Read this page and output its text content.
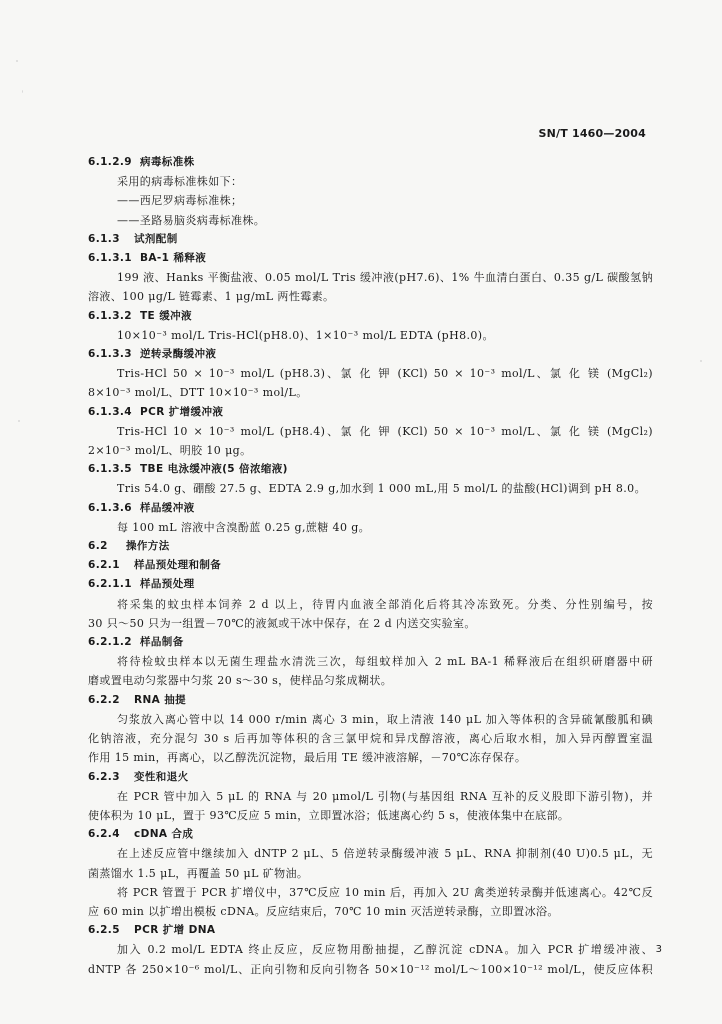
SN/T 1460—2004
6.1.2.9 病毒标准株
采用的病毒标准株如下：
——西尼罗病毒标准株；
——圣路易脑炎病毒标准株。
6.1.3 试剂配制
6.1.3.1 BA-1 稀释液
199 液、Hanks 平衡盐液、0.05 mol/L Tris 缓冲液(pH7.6)、1% 牛血清白蛋白、0.35 g/L 碳酸氢钠
溶液、100 μg/L 链霉素、1 μg/mL 两性霉素。
6.1.3.2 TE 缓冲液
10×10⁻³ mol/L Tris-HCl(pH8.0)、1×10⁻³ mol/L EDTA (pH8.0)。
6.1.3.3 逆转录酶缓冲液
Tris-HCl 50 × 10⁻³ mol/L (pH8.3)、氯 化 钾 (KCl) 50 × 10⁻³ mol/L、氯 化 镁 (MgCl₂)
8×10⁻³ mol/L、DTT 10×10⁻³ mol/L。
6.1.3.4 PCR 扩增缓冲液
Tris-HCl 10 × 10⁻³ mol/L (pH8.4)、氯 化 钾 (KCl) 50 × 10⁻³ mol/L、氯 化 镁 (MgCl₂)
2×10⁻³ mol/L、明胶 10 μg。
6.1.3.5 TBE 电泳缓冲液(5 倍浓缩液)
Tris 54.0 g、硼酸 27.5 g、EDTA 2.9 g,加水到 1 000 mL,用 5 mol/L 的盐酸(HCl)调到 pH 8.0。
6.1.3.6 样品缓冲液
每 100 mL 溶液中含溴酚蓝 0.25 g,蔗糖 40 g。
6.2 操作方法
6.2.1 样品预处理和制备
6.2.1.1 样品预处理
将采集的蚊虫样本饲养 2 d 以上，待胃内血液全部消化后将其冷冻致死。分类、分性别编号，按
30 只～50 只为一组置－70℃的液氮或干冰中保存，在 2 d 内送交实验室。
6.2.1.2 样品制备
将待检蚊虫样本以无菌生理盐水清洗三次，每组蚊样加入 2 mL BA-1 稀释液后在组织研磨器中研
磨或置电动匀浆器中匀浆 20 s～30 s，使样品匀浆成糊状。
6.2.2 RNA 抽提
匀浆放入离心管中以 14 000 r/min 离心 3 min，取上清液 140 μL 加入等体积的含异硫氰酸胍和碘
化钠溶液，充分混匀 30 s 后再加等体积的含三氯甲烷和异戊醇溶液，离心后取水相，加入异丙醇置室温
作用 15 min，再离心，以乙醇洗沉淀物，最后用 TE 缓冲液溶解，－70℃冻存保存。
6.2.3 变性和退火
在 PCR 管中加入 5 μL 的 RNA 与 20 μmol/L 引物(与基因组 RNA 互补的反义股即下游引物)，并
使体积为 10 μL，置于 93℃反应 5 min，立即置冰浴；低速离心约 5 s，使液体集中在底部。
6.2.4 cDNA 合成
在上述反应管中继续加入 dNTP 2 μL、5 倍逆转录酶缓冲液 5 μL、RNA 抑制剂(40 U)0.5 μL，无
菌蒸馏水 1.5 μL，再覆盖 50 μL 矿物油。
将 PCR 管置于 PCR 扩增仪中，37℃反应 10 min 后，再加入 2U 禽类逆转录酶并低速离心。42℃反
应 60 min 以扩增出模板 cDNA。反应结束后，70℃ 10 min 灭活逆转录酶，立即置冰浴。
6.2.5 PCR 扩增 DNA
加入 0.2 mol/L EDTA 终止反应，反应物用酚抽提，乙醇沉淀 cDNA。加入 PCR 扩增缓冲液、
dNTP 各 250×10⁻⁶ mol/L、正向引物和反向引物各 50×10⁻¹² mol/L～100×10⁻¹² mol/L，使反应体积
3
